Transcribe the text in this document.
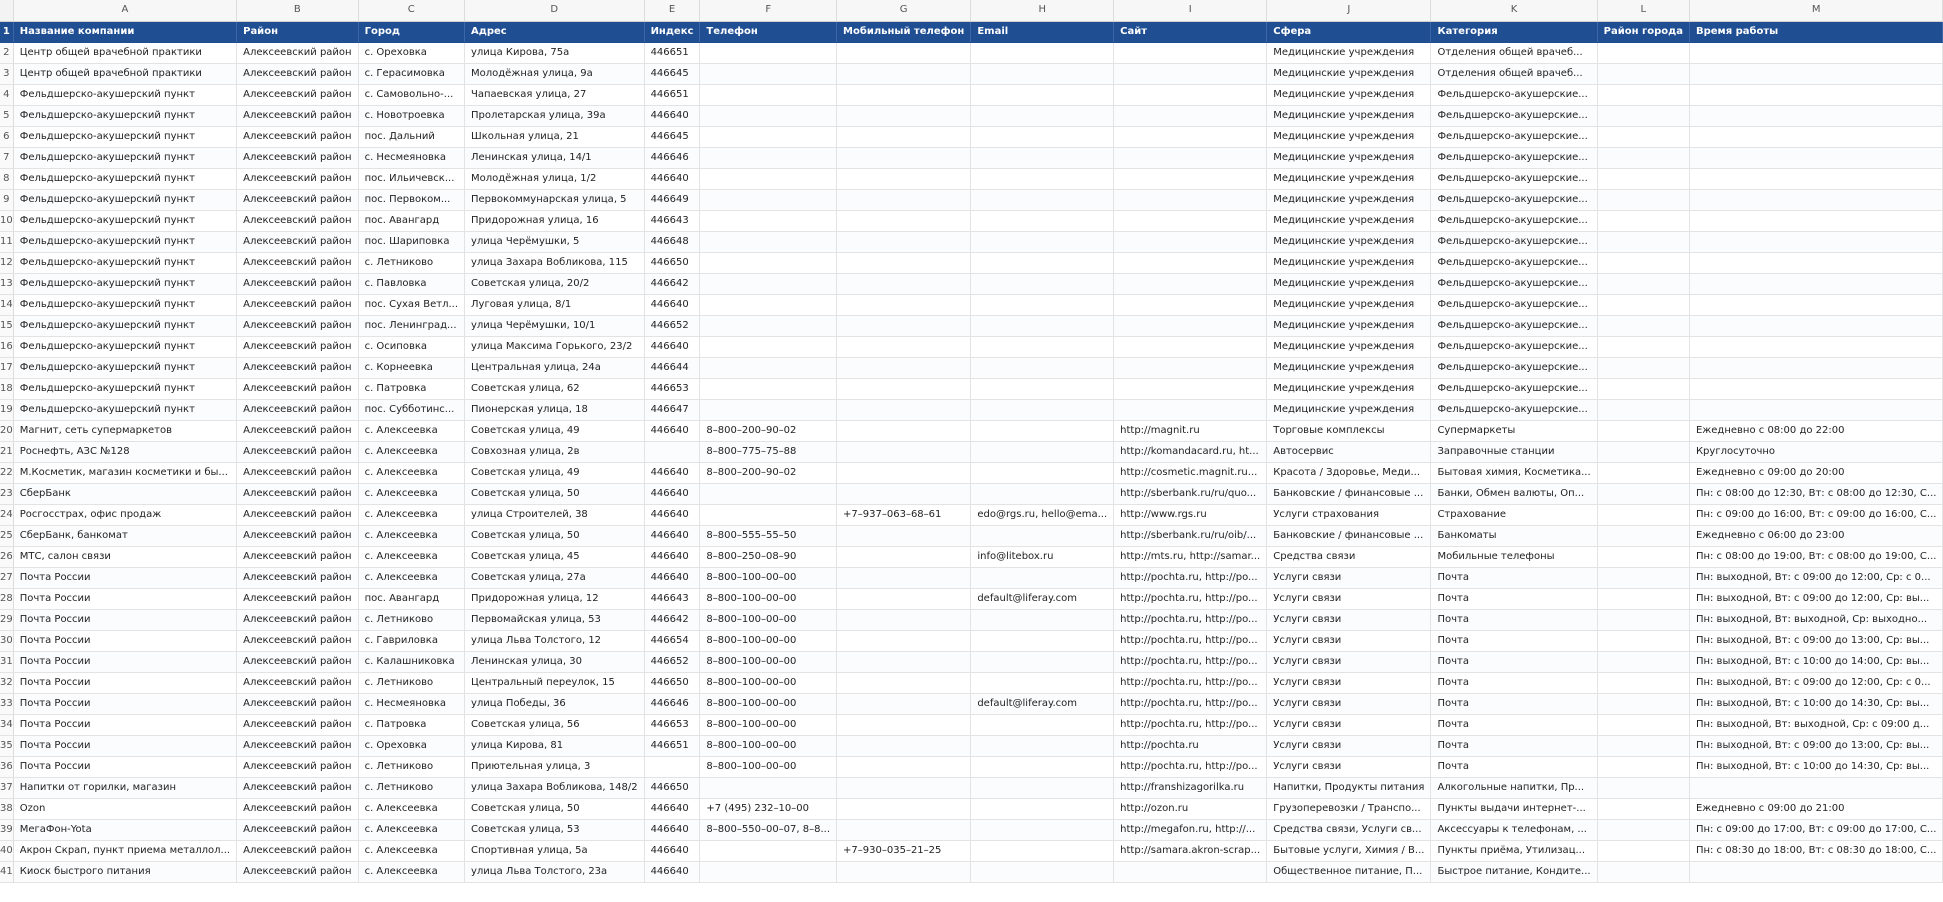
	A	B	C	D	E	F	G	H	I	J	K	L	M
1	Название компании	Район	Город	Адрес	Индекс	Телефон	Мобильный телефон	Email	Сайт	Сфера	Категория	Район города	Время работы
2	Центр общей врачебной практики	Алексеевский район	с. Ореховка	улица Кирова, 75а	446651					Медицинские учреждения	Отделения общей врачеб...		
3	Центр общей врачебной практики	Алексеевский район	с. Герасимовка	Молодёжная улица, 9а	446645					Медицинские учреждения	Отделения общей врачеб...		
4	Фельдшерско-акушерский пункт	Алексеевский район	с. Самовольно-...	Чапаевская улица, 27	446651					Медицинские учреждения	Фельдшерско-акушерские...		
5	Фельдшерско-акушерский пункт	Алексеевский район	с. Новотроевка	Пролетарская улица, 39а	446640					Медицинские учреждения	Фельдшерско-акушерские...		
6	Фельдшерско-акушерский пункт	Алексеевский район	пос. Дальний	Школьная улица, 21	446645					Медицинские учреждения	Фельдшерско-акушерские...		
7	Фельдшерско-акушерский пункт	Алексеевский район	с. Несмеяновка	Ленинская улица, 14/1	446646					Медицинские учреждения	Фельдшерско-акушерские...		
8	Фельдшерско-акушерский пункт	Алексеевский район	пос. Ильичевск...	Молодёжная улица, 1/2	446640					Медицинские учреждения	Фельдшерско-акушерские...		
9	Фельдшерско-акушерский пункт	Алексеевский район	пос. Первоком...	Первокоммунарская улица, 5	446649					Медицинские учреждения	Фельдшерско-акушерские...		
10	Фельдшерско-акушерский пункт	Алексеевский район	пос. Авангард	Придорожная улица, 16	446643					Медицинские учреждения	Фельдшерско-акушерские...		
11	Фельдшерско-акушерский пункт	Алексеевский район	пос. Шариповка	улица Черёмушки, 5	446648					Медицинские учреждения	Фельдшерско-акушерские...		
12	Фельдшерско-акушерский пункт	Алексеевский район	с. Летниково	улица Захара Вобликова, 115	446650					Медицинские учреждения	Фельдшерско-акушерские...		
13	Фельдшерско-акушерский пункт	Алексеевский район	с. Павловка	Советская улица, 20/2	446642					Медицинские учреждения	Фельдшерско-акушерские...		
14	Фельдшерско-акушерский пункт	Алексеевский район	пос. Сухая Ветл...	Луговая улица, 8/1	446640					Медицинские учреждения	Фельдшерско-акушерские...		
15	Фельдшерско-акушерский пункт	Алексеевский район	пос. Ленинград...	улица Черёмушки, 10/1	446652					Медицинские учреждения	Фельдшерско-акушерские...		
16	Фельдшерско-акушерский пункт	Алексеевский район	с. Осиповка	улица Максима Горького, 23/2	446640					Медицинские учреждения	Фельдшерско-акушерские...		
17	Фельдшерско-акушерский пункт	Алексеевский район	с. Корнеевка	Центральная улица, 24а	446644					Медицинские учреждения	Фельдшерско-акушерские...		
18	Фельдшерско-акушерский пункт	Алексеевский район	с. Патровка	Советская улица, 62	446653					Медицинские учреждения	Фельдшерско-акушерские...		
19	Фельдшерско-акушерский пункт	Алексеевский район	пос. Субботинс...	Пионерская улица, 18	446647					Медицинские учреждения	Фельдшерско-акушерские...		
20	Магнит, сеть супермаркетов	Алексеевский район	с. Алексеевка	Советская улица, 49	446640	8–800–200–90–02			http://magnit.ru	Торговые комплексы	Супермаркеты		Ежедневно с 08:00 до 22:00
21	Роснефть, АЗС №128	Алексеевский район	с. Алексеевка	Совхозная улица, 2в		8–800–775–75–88			http://komandacard.ru, ht...	Автосервис	Заправочные станции		Круглосуточно
22	М.Косметик, магазин косметики и бы...	Алексеевский район	с. Алексеевка	Советская улица, 49	446640	8–800–200–90–02			http://cosmetic.magnit.ru...	Красота / Здоровье, Меди...	Бытовая химия, Косметика...		Ежедневно с 09:00 до 20:00
23	СберБанк	Алексеевский район	с. Алексеевка	Советская улица, 50	446640				http://sberbank.ru/ru/quo...	Банковские / финансовые ...	Банки, Обмен валюты, Оп...		Пн: с 08:00 до 12:30, Вт: с 08:00 до 12:30, С...
24	Росгосстрах, офис продаж	Алексеевский район	с. Алексеевка	улица Строителей, 38	446640		+7–937–063–68–61	edo@rgs.ru, hello@ema...	http://www.rgs.ru	Услуги страхования	Страхование		Пн: с 09:00 до 16:00, Вт: с 09:00 до 16:00, С...
25	СберБанк, банкомат	Алексеевский район	с. Алексеевка	Советская улица, 50	446640	8–800–555–55–50			http://sberbank.ru/ru/oib/...	Банковские / финансовые ...	Банкоматы		Ежедневно с 06:00 до 23:00
26	МТС, салон связи	Алексеевский район	с. Алексеевка	Советская улица, 45	446640	8–800–250–08–90		info@litebox.ru	http://mts.ru, http://samar...	Средства связи	Мобильные телефоны		Пн: с 08:00 до 19:00, Вт: с 08:00 до 19:00, С...
27	Почта России	Алексеевский район	с. Алексеевка	Советская улица, 27а	446640	8–800–100–00–00			http://pochta.ru, http://po...	Услуги связи	Почта		Пн: выходной, Вт: с 09:00 до 12:00, Ср: с 0...
28	Почта России	Алексеевский район	пос. Авангард	Придорожная улица, 12	446643	8–800–100–00–00		default@liferay.com	http://pochta.ru, http://po...	Услуги связи	Почта		Пн: выходной, Вт: с 09:00 до 12:00, Ср: вы...
29	Почта России	Алексеевский район	с. Летниково	Первомайская улица, 53	446642	8–800–100–00–00			http://pochta.ru, http://po...	Услуги связи	Почта		Пн: выходной, Вт: выходной, Ср: выходно...
30	Почта России	Алексеевский район	с. Гавриловка	улица Льва Толстого, 12	446654	8–800–100–00–00			http://pochta.ru, http://po...	Услуги связи	Почта		Пн: выходной, Вт: с 09:00 до 13:00, Ср: вы...
31	Почта России	Алексеевский район	с. Калашниковка	Ленинская улица, 30	446652	8–800–100–00–00			http://pochta.ru, http://po...	Услуги связи	Почта		Пн: выходной, Вт: с 10:00 до 14:00, Ср: вы...
32	Почта России	Алексеевский район	с. Летниково	Центральный переулок, 15	446650	8–800–100–00–00			http://pochta.ru, http://po...	Услуги связи	Почта		Пн: выходной, Вт: с 09:00 до 12:00, Ср: с 0...
33	Почта России	Алексеевский район	с. Несмеяновка	улица Победы, 36	446646	8–800–100–00–00		default@liferay.com	http://pochta.ru, http://po...	Услуги связи	Почта		Пн: выходной, Вт: с 10:00 до 14:30, Ср: вы...
34	Почта России	Алексеевский район	с. Патровка	Советская улица, 56	446653	8–800–100–00–00			http://pochta.ru, http://po...	Услуги связи	Почта		Пн: выходной, Вт: выходной, Ср: с 09:00 д...
35	Почта России	Алексеевский район	с. Ореховка	улица Кирова, 81	446651	8–800–100–00–00			http://pochta.ru	Услуги связи	Почта		Пн: выходной, Вт: с 09:00 до 13:00, Ср: вы...
36	Почта России	Алексеевский район	с. Летниково	Приютельная улица, 3		8–800–100–00–00			http://pochta.ru, http://po...	Услуги связи	Почта		Пн: выходной, Вт: с 10:00 до 14:30, Ср: вы...
37	Напитки от горилки, магазин	Алексеевский район	с. Летниково	улица Захара Вобликова, 148/2	446650				http://franshizagorilka.ru	Напитки, Продукты питания	Алкогольные напитки, Пр...		
38	Ozon	Алексеевский район	с. Алексеевка	Советская улица, 50	446640	+7 (495) 232–10–00			http://ozon.ru	Грузоперевозки / Транспо...	Пункты выдачи интернет-...		Ежедневно с 09:00 до 21:00
39	МегаФон-Yota	Алексеевский район	с. Алексеевка	Советская улица, 53	446640	8–800–550–00–07, 8–8...			http://megafon.ru, http://...	Средства связи, Услуги св...	Аксессуары к телефонам, ...		Пн: с 09:00 до 17:00, Вт: с 09:00 до 17:00, С...
40	Акрон Скрап, пункт приема металлол...	Алексеевский район	с. Алексеевка	Спортивная улица, 5а	446640		+7–930–035–21–25		http://samara.akron-scrap...	Бытовые услуги, Химия / В...	Пункты приёма, Утилизац...		Пн: с 08:30 до 18:00, Вт: с 08:30 до 18:00, С...
41	Киоск быстрого питания	Алексеевский район	с. Алексеевка	улица Льва Толстого, 23а	446640					Общественное питание, П...	Быстрое питание, Кондите...		
